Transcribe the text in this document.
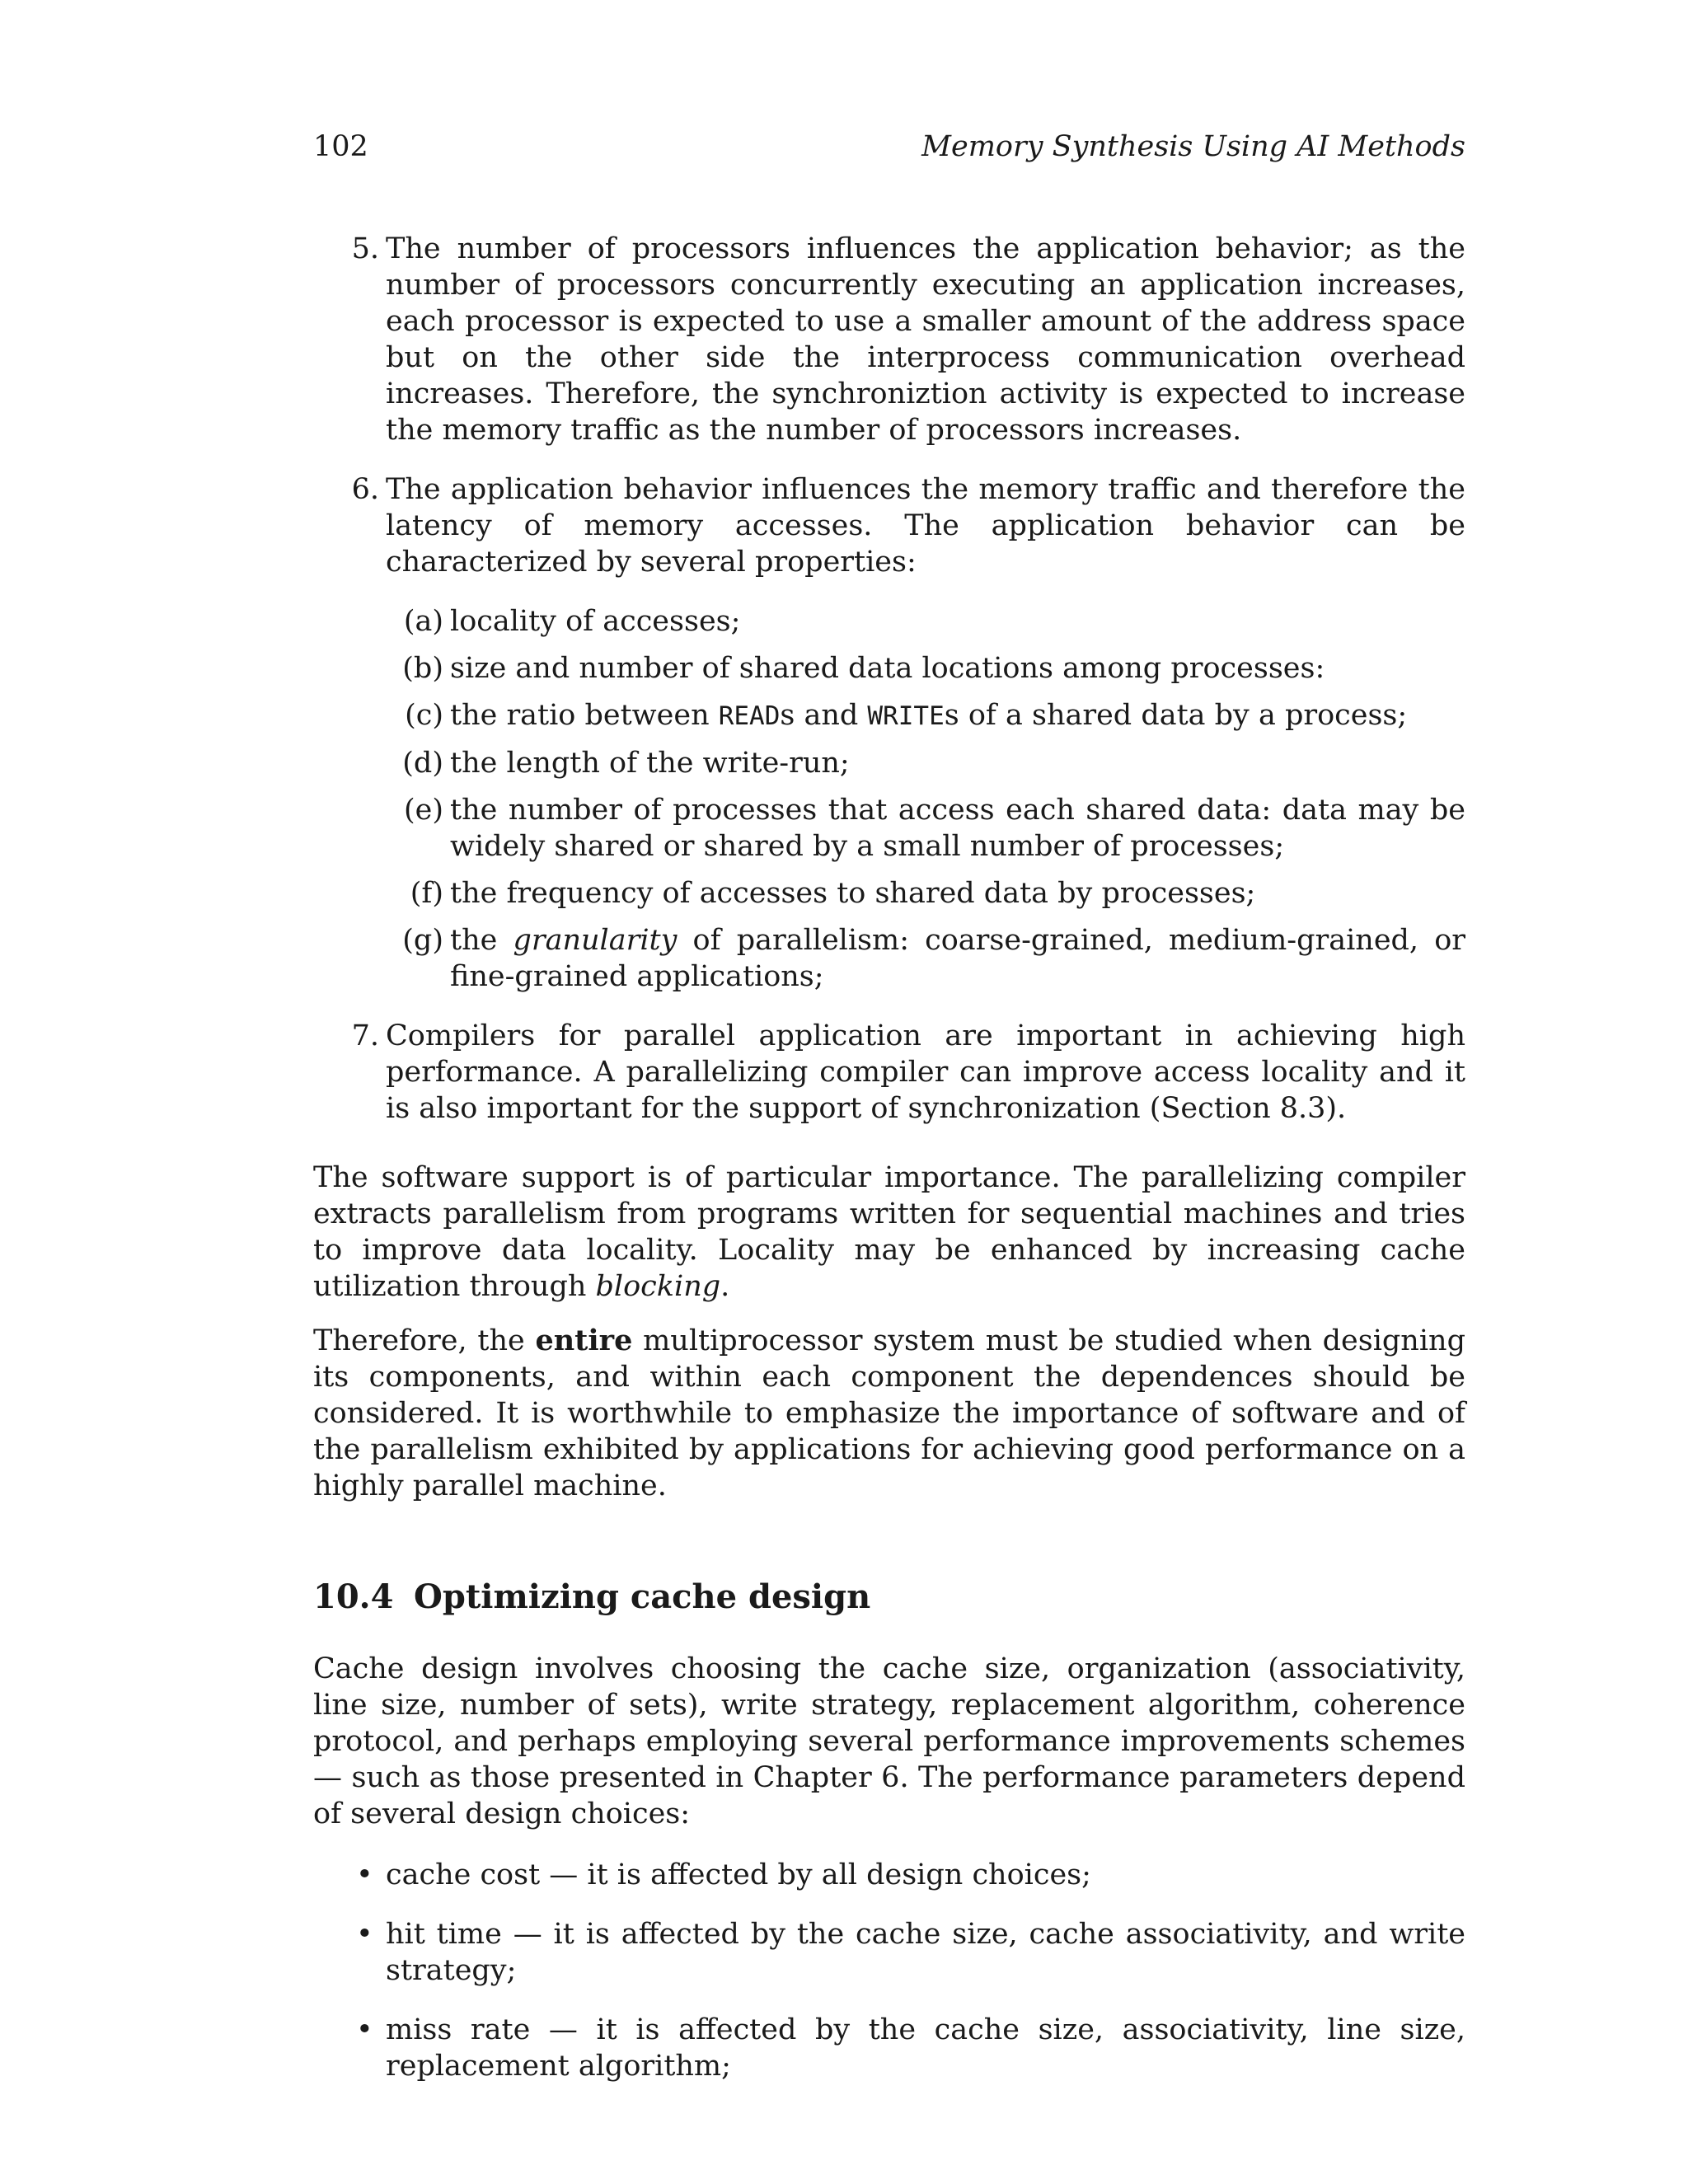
102	Memory Synthesis Using AI Methods
5. The number of processors influences the application behavior; as the number of processors concurrently executing an application increases, each processor is expected to use a smaller amount of the address space but on the other side the interprocess communication overhead increases. Therefore, the synchroniztion activity is expected to increase the memory traffic as the number of processors increases.
6. The application behavior influences the memory traffic and therefore the latency of memory accesses. The application behavior can be characterized by several properties:
(a) locality of accesses;
(b) size and number of shared data locations among processes:
(c) the ratio between READs and WRITEs of a shared data by a process;
(d) the length of the write-run;
(e) the number of processes that access each shared data: data may be widely shared or shared by a small number of processes;
(f) the frequency of accesses to shared data by processes;
(g) the granularity of parallelism: coarse-grained, medium-grained, or fine-grained applications;
7. Compilers for parallel application are important in achieving high performance. A parallelizing compiler can improve access locality and it is also important for the support of synchronization (Section 8.3).

The software support is of particular importance. The parallelizing compiler extracts parallelism from programs written for sequential machines and tries to improve data locality. Locality may be enhanced by increasing cache utilization through blocking.

Therefore, the entire multiprocessor system must be studied when designing its components, and within each component the dependences should be considered. It is worthwhile to emphasize the importance of software and of the parallelism exhibited by applications for achieving good performance on a highly parallel machine.

10.4 Optimizing cache design

Cache design involves choosing the cache size, organization (associativity, line size, number of sets), write strategy, replacement algorithm, coherence protocol, and perhaps employing several performance improvements schemes — such as those presented in Chapter 6. The performance parameters depend of several design choices:

• cache cost — it is affected by all design choices;
• hit time — it is affected by the cache size, cache associativity, and write strategy;
• miss rate — it is affected by the cache size, associativity, line size, replacement algorithm;
